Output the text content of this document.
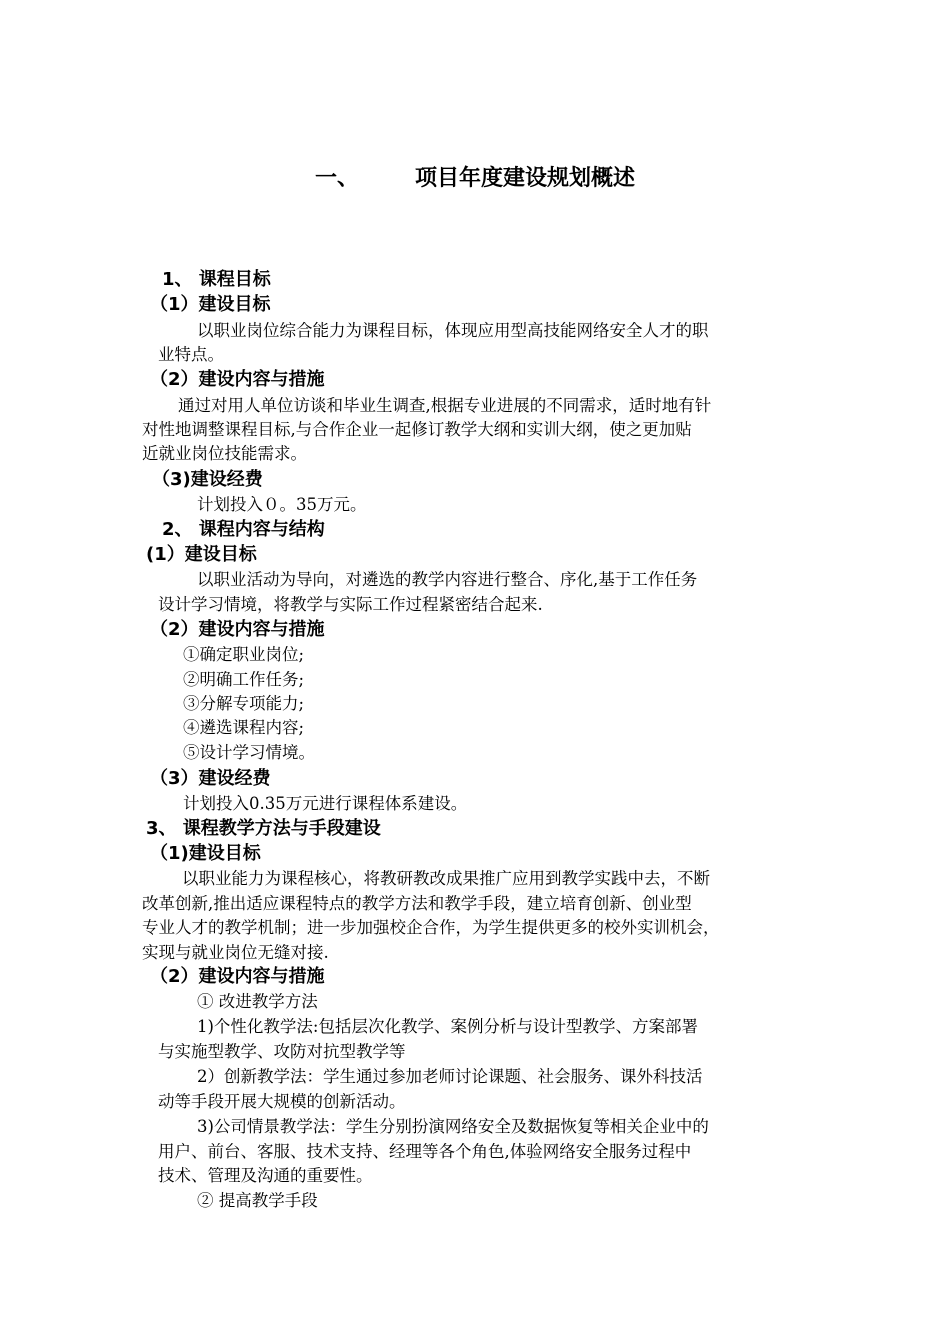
一、	项目年度建设规划概述
1、 课程目标
（1）建设目标
以职业岗位综合能力为课程目标，体现应用型高技能网络安全人才的职
业特点。
（2）建设内容与措施
通过对用人单位访谈和毕业生调查,根据专业进展的不同需求，适时地有针
对性地调整课程目标,与合作企业一起修订教学大纲和实训大纲，使之更加贴
近就业岗位技能需求。
（3)建设经费
计划投入０。35万元。
2、 课程内容与结构
(1）建设目标
以职业活动为导向，对遴选的教学内容进行整合、序化,基于工作任务
设计学习情境，将教学与实际工作过程紧密结合起来.
（2）建设内容与措施
①确定职业岗位;
②明确工作任务;
③分解专项能力;
④遴选课程内容;
⑤设计学习情境。
（3）建设经费
计划投入0.35万元进行课程体系建设。
3、 课程教学方法与手段建设
（1)建设目标
以职业能力为课程核心，将教研教改成果推广应用到教学实践中去，不断
改革创新,推出适应课程特点的教学方法和教学手段，建立培育创新、创业型
专业人才的教学机制；进一步加强校企合作，为学生提供更多的校外实训机会，
实现与就业岗位无缝对接.
（2）建设内容与措施
① 改进教学方法
1)个性化教学法:包括层次化教学、案例分析与设计型教学、方案部署
与实施型教学、攻防对抗型教学等
2）创新教学法：学生通过参加老师讨论课题、社会服务、课外科技活
动等手段开展大规模的创新活动。
3)公司情景教学法：学生分别扮演网络安全及数据恢复等相关企业中的
用户、前台、客服、技术支持、经理等各个角色,体验网络安全服务过程中
技术、管理及沟通的重要性。
② 提高教学手段
